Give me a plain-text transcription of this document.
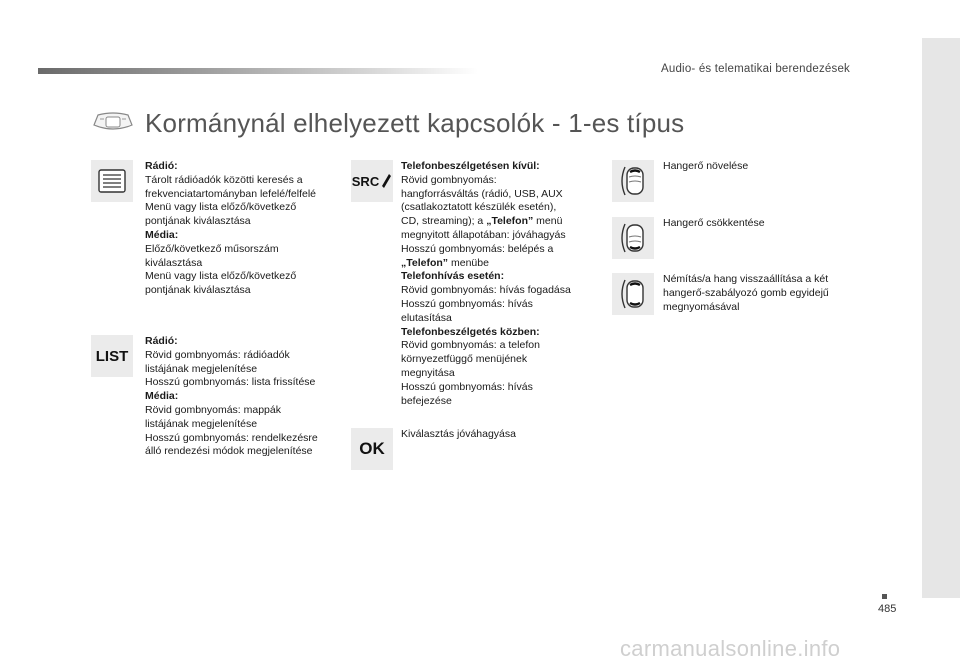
Audio- és telematikai berendezések
Kormánynál elhelyezett kapcsolók - 1-es típus

Rádió:

Tárolt rádióadók közötti keresés a

frekvenciatartományban lefelé/felfelé

Menü vagy lista előző/következő

pontjának kiválasztása

Média:

Előző/következő műsorszám

kiválasztása

Menü vagy lista előző/következő

pontjának kiválasztása

LIST

Rádió:

Rövid gombnyomás: rádióadók

listájának megjelenítése

Hosszú gombnyomás: lista frissítése

Média:

Rövid gombnyomás: mappák

listájának megjelenítése

Hosszú gombnyomás: rendelkezésre

álló rendezési módok megjelenítése

SRC

Telefonbeszélgetésen kívül:

Rövid gombnyomás:

hangforrásváltás (rádió, USB, AUX

(csatlakoztatott készülék esetén),

CD, streaming); a „Telefon” menü

megnyitott állapotában: jóváhagyás

Hosszú gombnyomás: belépés a

„Telefon” menübe

Telefonhívás esetén:

Rövid gombnyomás: hívás fogadása

Hosszú gombnyomás: hívás

elutasítása

Telefonbeszélgetés közben:

Rövid gombnyomás: a telefon

környezetfüggő menüjének

megnyitása

Hosszú gombnyomás: hívás

befejezése

OK

Kiválasztás jóváhagyása

Hangerő növelése

Hangerő csökkentése

Némítás/a hang visszaállítása a két

hangerő-szabályozó gomb egyidejű

megnyomásával

485
carmanualsonline.info
